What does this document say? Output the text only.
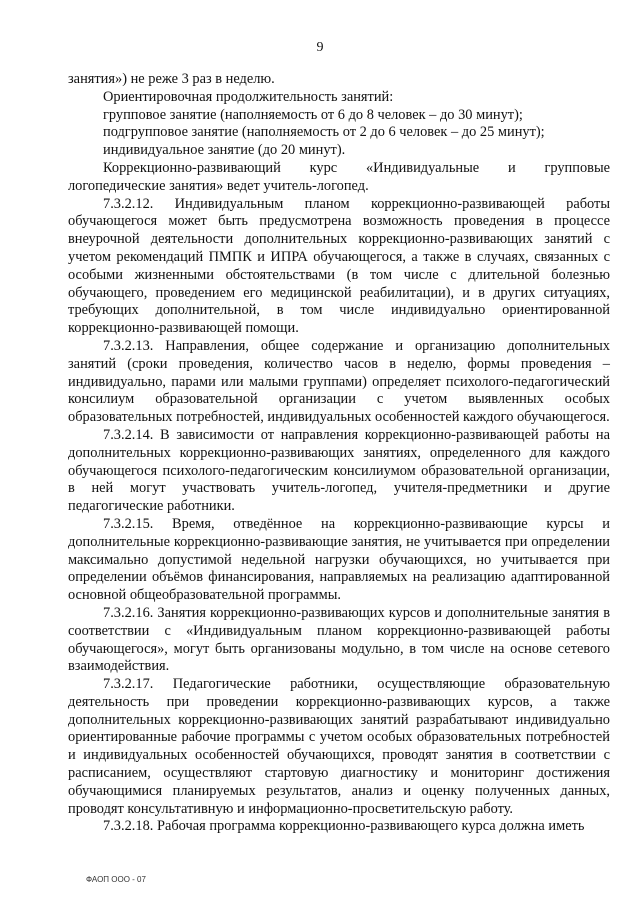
9

занятия») не реже 3 раз в неделю.

Ориентировочная продолжительность занятий:

групповое занятие (наполняемость от 6 до 8 человек – до 30 минут);

подгрупповое занятие (наполняемость от 2 до 6 человек – до 25 минут);

индивидуальное занятие (до 20 минут).

Коррекционно-развивающий курс «Индивидуальные и групповые логопедические занятия» ведет учитель-логопед.

7.3.2.12. Индивидуальным планом коррекционно-развивающей работы обучающегося может быть предусмотрена возможность проведения в процессе внеурочной деятельности дополнительных коррекционно-развивающих занятий с учетом рекомендаций ПМПК и ИПРА обучающегося, а также в случаях, связанных с особыми жизненными обстоятельствами (в том числе с длительной болезнью обучающего, проведением его медицинской реабилитации), и в других ситуациях, требующих дополнительной, в том числе индивидуально ориентированной коррекционно-развивающей помощи.

7.3.2.13. Направления, общее содержание и организацию дополнительных занятий (сроки проведения, количество часов в неделю, формы проведения – индивидуально, парами или малыми группами) определяет психолого-педагогический консилиум образовательной организации с учетом выявленных особых образовательных потребностей, индивидуальных особенностей каждого обучающегося.

7.3.2.14. В зависимости от направления коррекционно-развивающей работы на дополнительных коррекционно-развивающих занятиях, определенного для каждого обучающегося психолого-педагогическим консилиумом образовательной организации, в ней могут участвовать учитель-логопед, учителя-предметники и другие педагогические работники.

7.3.2.15. Время, отведённое на коррекционно-развивающие курсы и дополнительные коррекционно-развивающие занятия, не учитывается при определении максимально допустимой недельной нагрузки обучающихся, но учитывается при определении объёмов финансирования, направляемых на реализацию адаптированной основной общеобразовательной программы.

7.3.2.16. Занятия коррекционно-развивающих курсов и дополнительные занятия в соответствии с «Индивидуальным планом коррекционно-развивающей работы обучающегося», могут быть организованы модульно, в том числе на основе сетевого взаимодействия.

7.3.2.17. Педагогические работники, осуществляющие образовательную деятельность при проведении коррекционно-развивающих курсов, а также дополнительных коррекционно-развивающих занятий разрабатывают индивидуально ориентированные рабочие программы с учетом особых образовательных потребностей и индивидуальных особенностей обучающихся, проводят занятия в соответствии с расписанием, осуществляют стартовую диагностику и мониторинг достижения обучающимися планируемых результатов, анализ и оценку полученных данных, проводят консультативную и информационно-просветительскую работу.

7.3.2.18. Рабочая программа коррекционно-развивающего курса должна иметь

ФАОП ООО - 07
